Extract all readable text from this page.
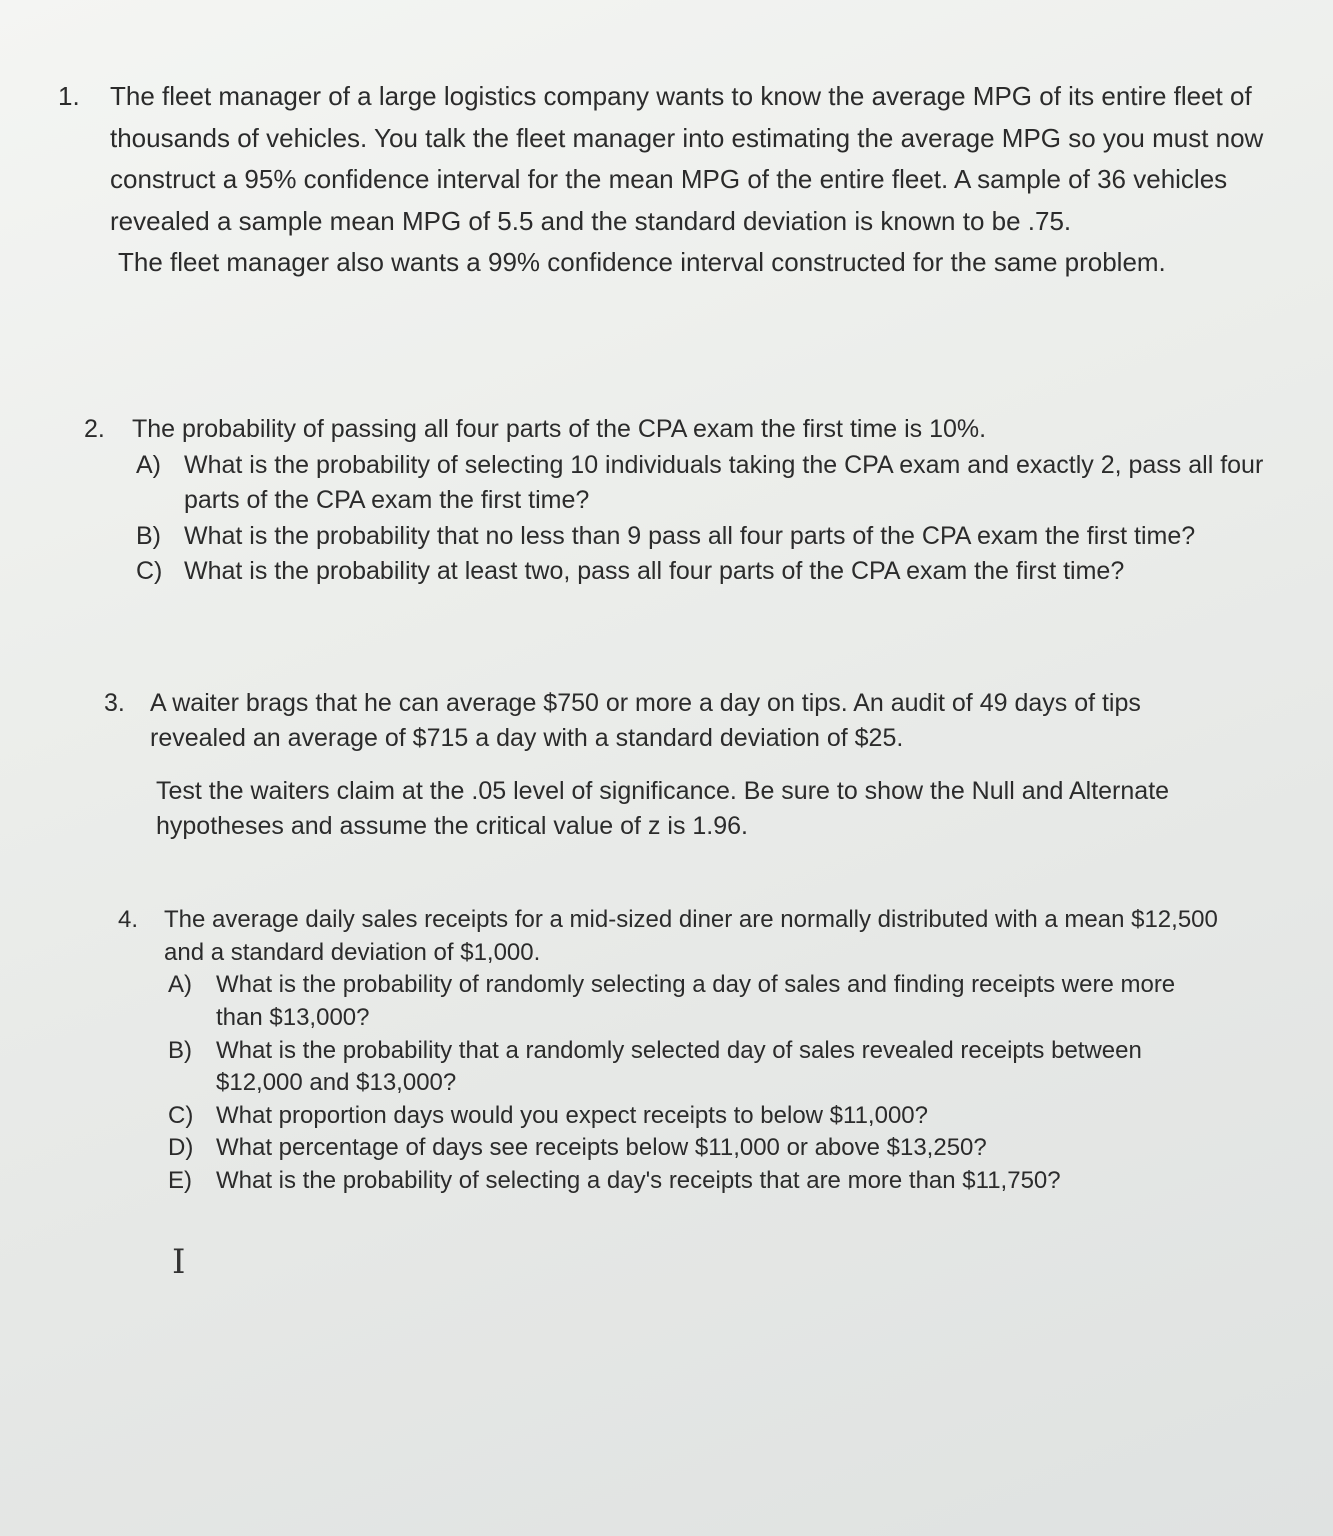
1. The fleet manager of a large logistics company wants to know the average MPG of its entire fleet of thousands of vehicles. You talk the fleet manager into estimating the average MPG so you must now construct a 95% confidence interval for the mean MPG of the entire fleet. A sample of 36 vehicles revealed a sample mean MPG of 5.5 and the standard deviation is known to be .75.

The fleet manager also wants a 99% confidence interval constructed for the same problem.

2. The probability of passing all four parts of the CPA exam the first time is 10%.

A) What is the probability of selecting 10 individuals taking the CPA exam and exactly 2, pass all four parts of the CPA exam the first time?

B) What is the probability that no less than 9 pass all four parts of the CPA exam the first time?

C) What is the probability at least two, pass all four parts of the CPA exam the first time?

3. A waiter brags that he can average $750 or more a day on tips. An audit of 49 days of tips revealed an average of $715 a day with a standard deviation of $25.

Test the waiters claim at the .05 level of significance. Be sure to show the Null and Alternate hypotheses and assume the critical value of z is 1.96.

4. The average daily sales receipts for a mid-sized diner are normally distributed with a mean $12,500 and a standard deviation of $1,000.

A) What is the probability of randomly selecting a day of sales and finding receipts were more than $13,000?

B) What is the probability that a randomly selected day of sales revealed receipts between $12,000 and $13,000?

C) What proportion days would you expect receipts to below $11,000?

D) What percentage of days see receipts below $11,000 or above $13,250?

E) What is the probability of selecting a day's receipts that are more than $11,750?

I
